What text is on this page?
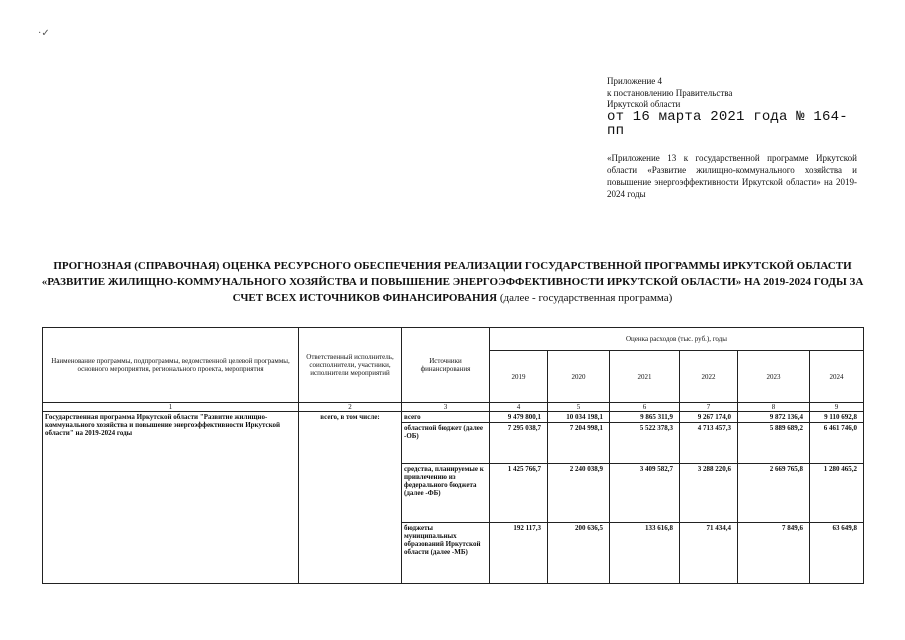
·✓
Приложение 4
к постановлению Правительства
Иркутской области
от 16 марта 2021 года № 164-пп
«Приложение 13 к государственной программе Иркутской области «Развитие жилищно-коммунального хозяйства и повышение энергоэффективности Иркутской области» на 2019-2024 годы
ПРОГНОЗНАЯ (СПРАВОЧНАЯ) ОЦЕНКА РЕСУРСНОГО ОБЕСПЕЧЕНИЯ РЕАЛИЗАЦИИ ГОСУДАРСТВЕННОЙ ПРОГРАММЫ ИРКУТСКОЙ ОБЛАСТИ «РАЗВИТИЕ ЖИЛИЩНО-КОММУНАЛЬНОГО ХОЗЯЙСТВА И ПОВЫШЕНИЕ ЭНЕРГОЭФФЕКТИВНОСТИ ИРКУТСКОЙ ОБЛАСТИ» НА 2019-2024 ГОДЫ ЗА СЧЕТ ВСЕХ ИСТОЧНИКОВ ФИНАНСИРОВАНИЯ (далее - государственная программа)
Наименование программы, подпрограммы, ведомственной целевой программы, основного мероприятия, регионального проекта, мероприятия	Ответственный исполнитель, соисполнители, участники, исполнители мероприятий	Источники финансирования	Оценка расходов (тыс. руб.), годы					
			2019	2020	2021	2022	2023	2024
1	2	3	4	5	6	7	8	9
Государственная программа Иркутской области "Развитие жилищно-коммунального хозяйства и повышение энергоэффективности Иркутской области" на 2019-2024 годы	всего, в том числе:	всего	9 479 800,1	10 034 198,1	9 865 311,9	9 267 174,0	9 872 136,4	9 110 692,8
		областной бюджет (далее -ОБ)	7 295 038,7	7 204 998,1	5 522 378,3	4 713 457,3	5 889 689,2	6 461 746,0
		средства, планируемые к привлечению из федерального бюджета (далее -ФБ)	1 425 766,7	2 240 038,9	3 409 582,7	3 288 220,6	2 669 765,8	1 280 465,2
		бюджеты муниципальных образований Иркутской области (далее -МБ)	192 117,3	200 636,5	133 616,8	71 434,4	7 849,6	63 649,8
